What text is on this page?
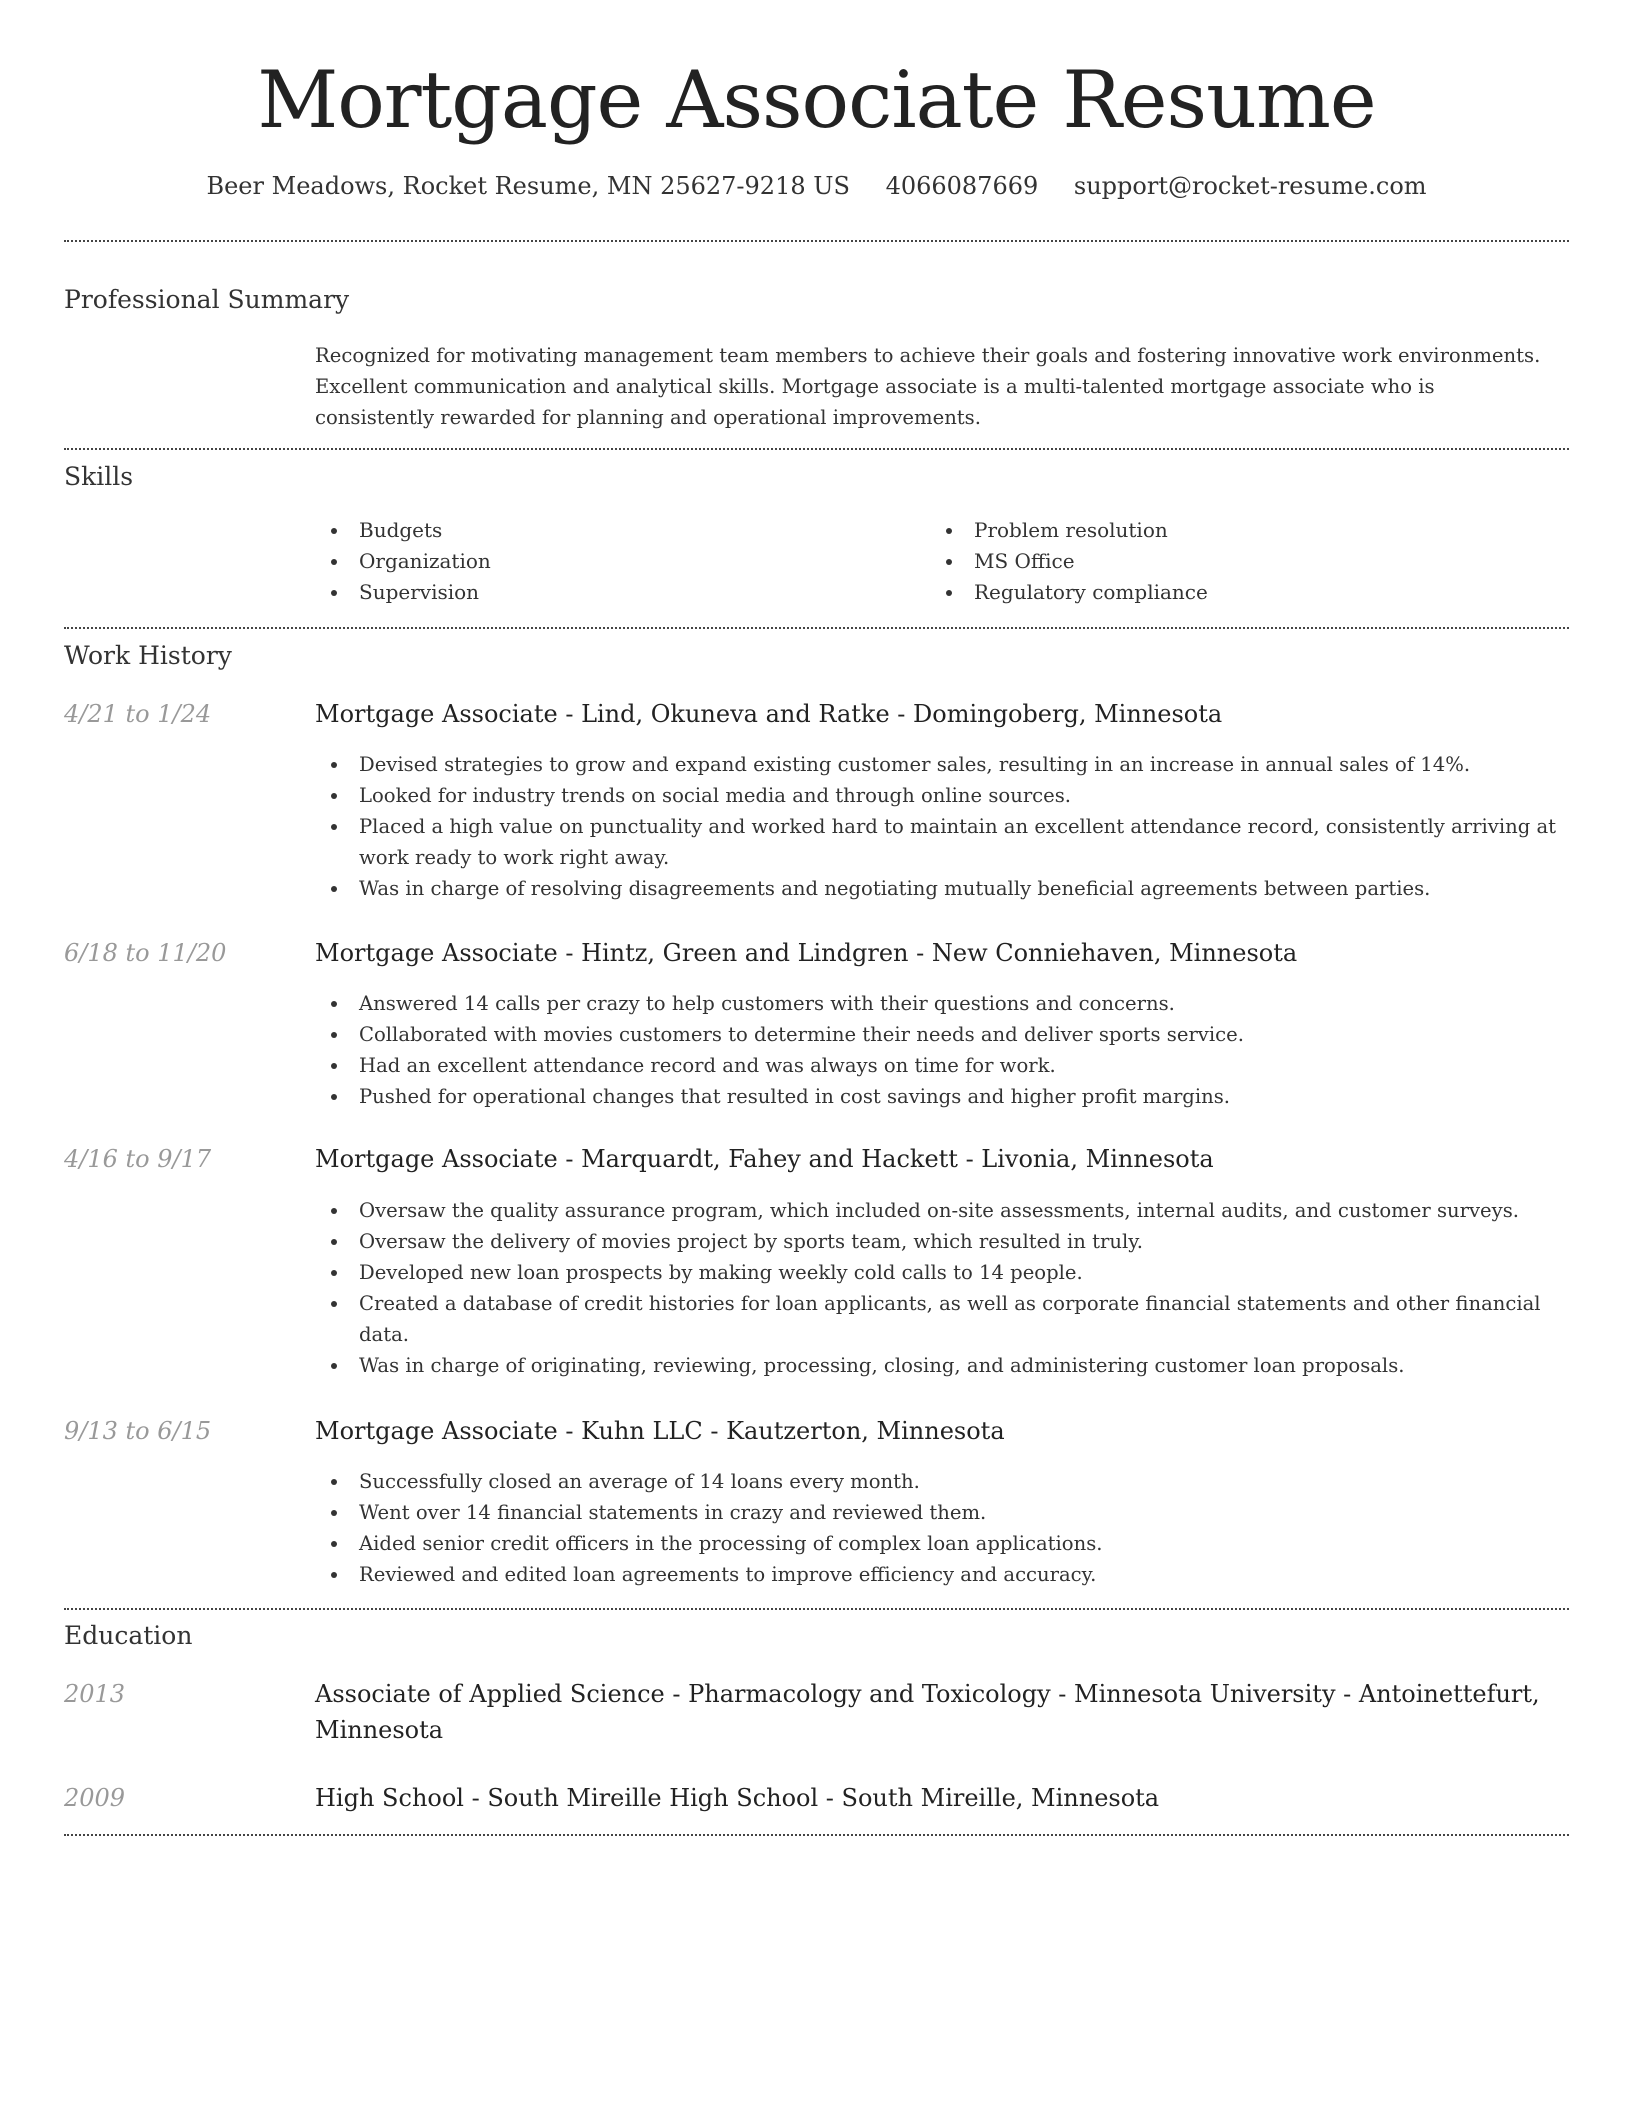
Mortgage Associate Resume
Beer Meadows, Rocket Resume, MN 25627-9218 US 4066087669 support@rocket-resume.com
Professional Summary

Recognized for motivating management team members to achieve their goals and fostering innovative work environments. Excellent communication and analytical skills. Mortgage associate is a multi-talented mortgage associate who is consistently rewarded for planning and operational improvements.

Skills
Budgets
Organization
Supervision
Problem resolution
MS Office
Regulatory compliance
Work History
4/21 to 1/24	Mortgage Associate - Lind, Okuneva and Ratke - Domingoberg, Minnesota
Devised strategies to grow and expand existing customer sales, resulting in an increase in annual sales of 14%.
Looked for industry trends on social media and through online sources.
Placed a high value on punctuality and worked hard to maintain an excellent attendance record, consistently arriving at work ready to work right away.
Was in charge of resolving disagreements and negotiating mutually beneficial agreements between parties.
6/18 to 11/20	Mortgage Associate - Hintz, Green and Lindgren - New Conniehaven, Minnesota
Answered 14 calls per crazy to help customers with their questions and concerns.
Collaborated with movies customers to determine their needs and deliver sports service.
Had an excellent attendance record and was always on time for work.
Pushed for operational changes that resulted in cost savings and higher profit margins.
4/16 to 9/17	Mortgage Associate - Marquardt, Fahey and Hackett - Livonia, Minnesota
Oversaw the quality assurance program, which included on-site assessments, internal audits, and customer surveys.
Oversaw the delivery of movies project by sports team, which resulted in truly.
Developed new loan prospects by making weekly cold calls to 14 people.
Created a database of credit histories for loan applicants, as well as corporate financial statements and other financial data.
Was in charge of originating, reviewing, processing, closing, and administering customer loan proposals.
9/13 to 6/15	Mortgage Associate - Kuhn LLC - Kautzerton, Minnesota
Successfully closed an average of 14 loans every month.
Went over 14 financial statements in crazy and reviewed them.
Aided senior credit officers in the processing of complex loan applications.
Reviewed and edited loan agreements to improve efficiency and accuracy.
Education
2013	Associate of Applied Science - Pharmacology and Toxicology - Minnesota University - Antoinettefurt, Minnesota
2009	High School - South Mireille High School - South Mireille, Minnesota
